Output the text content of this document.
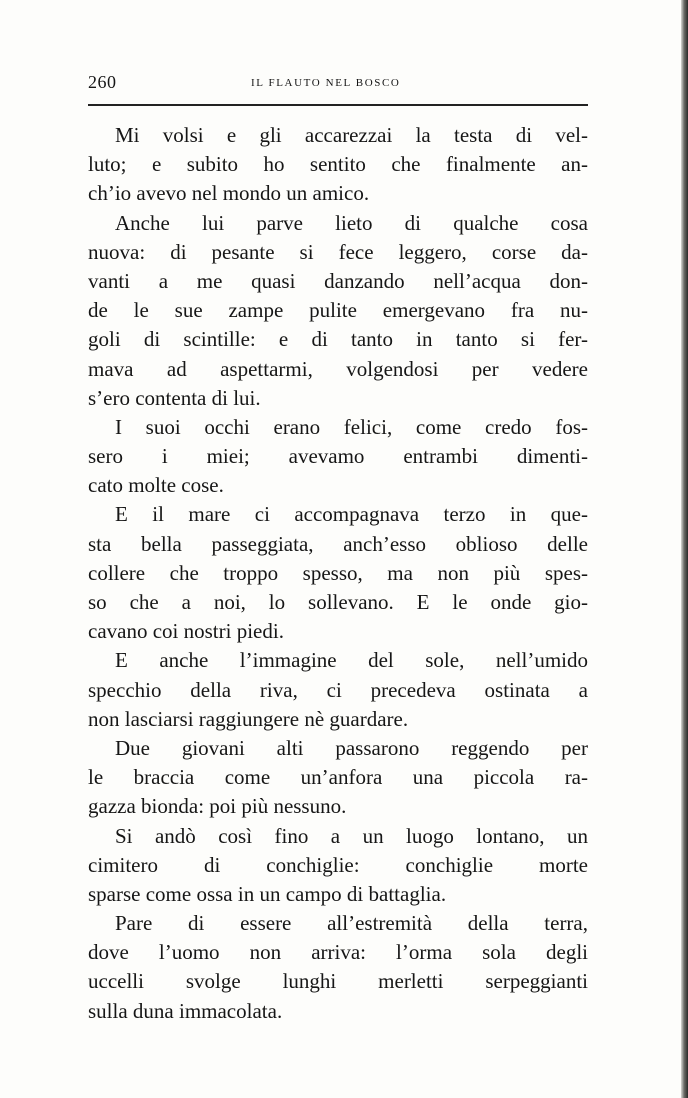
260	IL FLAUTO NEL BOSCO
Mi volsi e gli accarezzai la testa di vel-
luto; e subito ho sentito che finalmente an-
ch’io avevo nel mondo un amico.
Anche lui parve lieto di qualche cosa
nuova: di pesante si fece leggero, corse da-
vanti a me quasi danzando nell’acqua don-
de le sue zampe pulite emergevano fra nu-
goli di scintille: e di tanto in tanto si fer-
mava ad aspettarmi, volgendosi per vedere
s’ero contenta di lui.
I suoi occhi erano felici, come credo fos-
sero i miei; avevamo entrambi dimenti-
cato molte cose.
E il mare ci accompagnava terzo in que-
sta bella passeggiata, anch’esso oblioso delle
collere che troppo spesso, ma non più spes-
so che a noi, lo sollevano. E le onde gio-
cavano coi nostri piedi.
E anche l’immagine del sole, nell’umido
specchio della riva, ci precedeva ostinata a
non lasciarsi raggiungere nè guardare.
Due giovani alti passarono reggendo per
le braccia come un’anfora una piccola ra-
gazza bionda: poi più nessuno.
Si andò così fino a un luogo lontano, un
cimitero di conchiglie: conchiglie morte
sparse come ossa in un campo di battaglia.
Pare di essere all’estremità della terra,
dove l’uomo non arriva: l’orma sola degli
uccelli svolge lunghi merletti serpeggianti
sulla duna immacolata.
